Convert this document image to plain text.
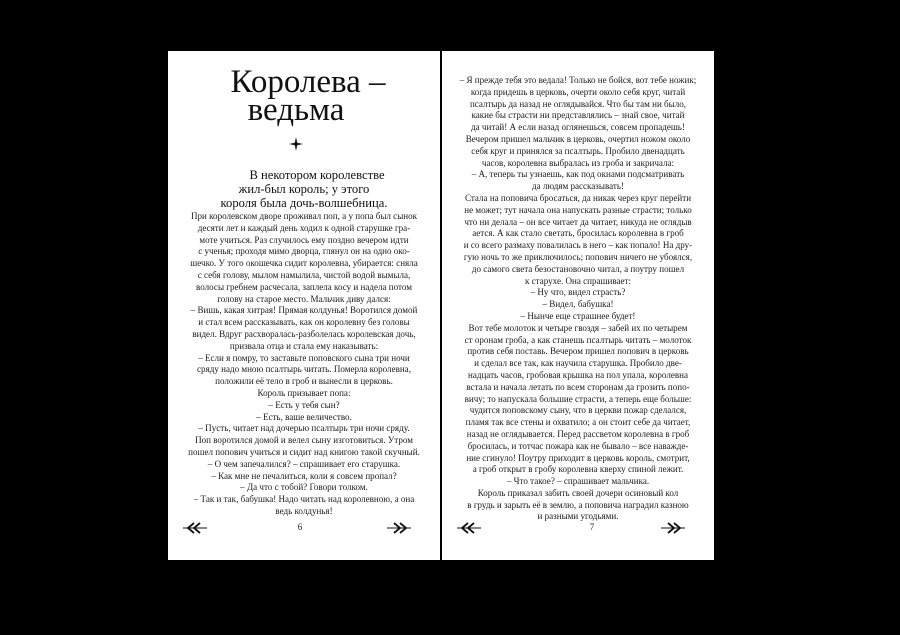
Королева –
ведьма
В некотором королевстве
жил-был король; у этого
короля была дочь-волшебница.
При королевском дворе проживал поп, а у попа был сынок
десяти лет и каждый день ходил к одной старушке гра-
моте учиться. Раз случилось ему поздно вечером идти
с ученья; проходя мимо дворца, глянул он на одно око-
шечко. У того окошечка сидит королевна, убирается: сняла
с себя голову, мылом намылила, чистой водой вымыла,
волосы гребнем расчесала, заплела косу и надела потом
голову на старое место. Мальчик диву дался:
– Вишь, какая хитрая! Прямая колдунья! Воротился домой
и стал всем рассказывать, как он королевну без головы
видел. Вдруг расхворалась-разболелась королевская дочь,
призвала отца и стала ему наказывать:
– Если я помру, то заставьте поповского сына три ночи
сряду надо мною псалтырь читать. Померла королевна,
положили её тело в гроб и вынесли в церковь.
Король призывает попа:
– Есть у тебя сын?
– Есть, ваше величество.
– Пусть, читает над дочерью псалтырь три ночи сряду.
Поп воротился домой и велел сыну изготовиться. Утром
пошел попович учиться и сидит над книгою такой скучный.
– О чем запечалился? – спрашивает его старушка.
– Как мне не печалиться, коли я совсем пропал?
– Да что с тобой? Говори толком.
– Так и так, бабушка! Надо читать над королевною, а она
ведь колдунья!
6
– Я прежде тебя это ведала! Только не бойся, вот тебе ножик;
когда придешь в церковь, очерти около себя круг, читай
псалтырь да назад не оглядывайся. Что бы там ни было,
какие бы страсти ни представлялись – знай свое, читай
да читай! А если назад оглянешься, совсем пропадешь!
Вечером пришел мальчик в церковь, очертил ножом около
себя круг и принялся за псалтырь. Пробило двенадцать
часов, королевна выбралась из гроба и закричала:
– А, теперь ты узнаешь, как под окнами подсматривать
да людям рассказывать!
Стала на поповича бросаться, да никак через круг перейти
не может; тут начала она напускать разные страсти; только
что ни делала – он все читает да читает, никуда не оглядыв
ается. А как стало светать, бросилась королевна в гроб
и со всего размаху повалилась в него – как попало! На дру-
гую ночь то же приключилось; попович ничего не убоялся,
до самого света безостановочно читал, а поутру пошел
к старухе. Она спрашивает:
– Ну что, видел страсть?
– Видел, бабушка!
– Нынче еще страшнее будет!
Вот тебе молоток и четыре гвоздя – забей их по четырем
ст оронам гроба, а как станешь псалтырь читать – молоток
против себя поставь. Вечером пришел попович в церковь
и сделал все так, как научила старушка. Пробило две-
надцать часов, гробовая крышка на пол упала, королевна
встала и начала летать по всем сторонам да грозить попо-
вичу; то напускала большие страсти, а теперь еще больше:
чудится поповскому сыну, что в церкви пожар сделался,
пламя так все стены и охватило; а он стоит себе да читает,
назад не оглядывается. Перед рассветом королевна в гроб
бросилась, и тотчас пожара как не бывало – все наважде-
ние сгинуло! Поутру приходит в церковь король, смотрит,
а гроб открыт в гробу королевна кверху спиной лежит.
– Что такое? – спрашивает мальчика.
Король приказал забить своей дочери осиновый кол
в грудь и зарыть её в землю, а поповича наградил казною
и разными угодьями.
7
